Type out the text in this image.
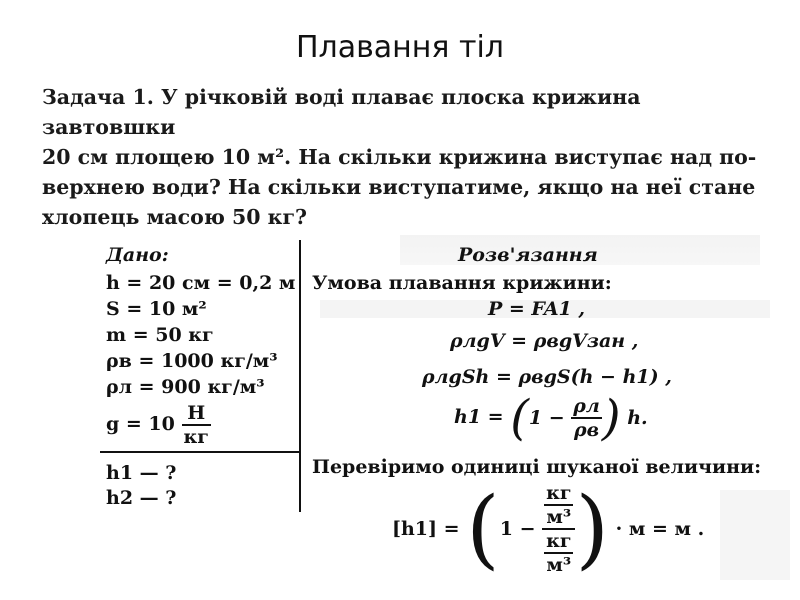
Плавання тіл
Задача 1. У річковій воді плаває плоска крижина завтовшки
20 см площею 10 м². На скільки крижина виступає над по-
верхнею води? На скільки виступатиме, якщо на неї стане
хлопець масою 50 кг?
Дано:
h = 20 см = 0,2 м
S = 10 м²
m = 50 кг
ρв = 1000 кг/м³
ρл = 900 кг/м³
$g = 10 \frac{Н}{кг}$
h1 — ?
h2 — ?
Розв'язання
Умова плавання крижини:
P = FA1 ,
ρлgV = ρвgVзан ,
ρлgSh = ρвgS(h − h1) ,
$h1 = (1 - \frac{\rho л}{\rho в}$ ) h.
Перевіримо одиниці шуканої величини:
$[h1] = (1 - \frac{\frac{кг}{\text{м³}}}{\frac{кг}{\text{м³}}}$ ) · м = м .
